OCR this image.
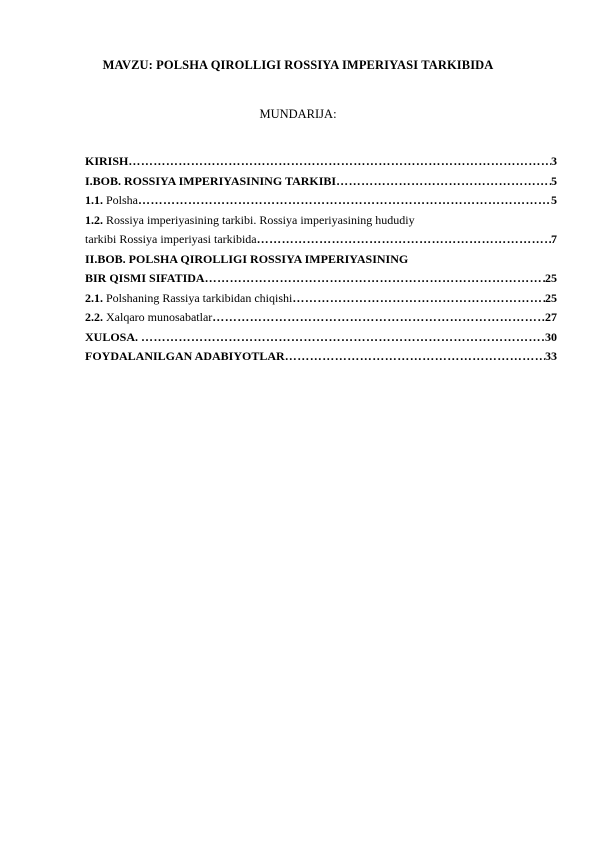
MAVZU: POLSHA QIROLLIGI ROSSIYA IMPERIYASI TARKIBIDA
MUNDARIJA:
KIRISH ………………………………………………………………………………………………………………………………………………	3
I.BOB. ROSSIYA IMPERIYASINING TARKIBI ………………………………………………………………………………………………………………………………………………	5
1.1. Polsha ………………………………………………………………………………………………………………………………………………	5
1.2. Rossiya imperiyasining tarkibi. Rossiya imperiyasining hududiy
tarkibi Rossiya imperiyasi tarkibida ………………………………………………………………………………………………………………………………………………	7
II.BOB. POLSHA QIROLLIGI ROSSIYA IMPERIYASINING
BIR QISMI SIFATIDA ………………………………………………………………………………………………………………………………………………	25
2.1. Polshaning Rassiya tarkibidan chiqishi ………………………………………………………………………………………………………………………………………………	25
2.2. Xalqaro munosabatlar ………………………………………………………………………………………………………………………………………………	27
XULOSA. ………………………………………………………………………………………………………………………………………………	30
FOYDALANILGAN ADABIYOTLAR ………………………………………………………………………………………………………………………………………………	33
